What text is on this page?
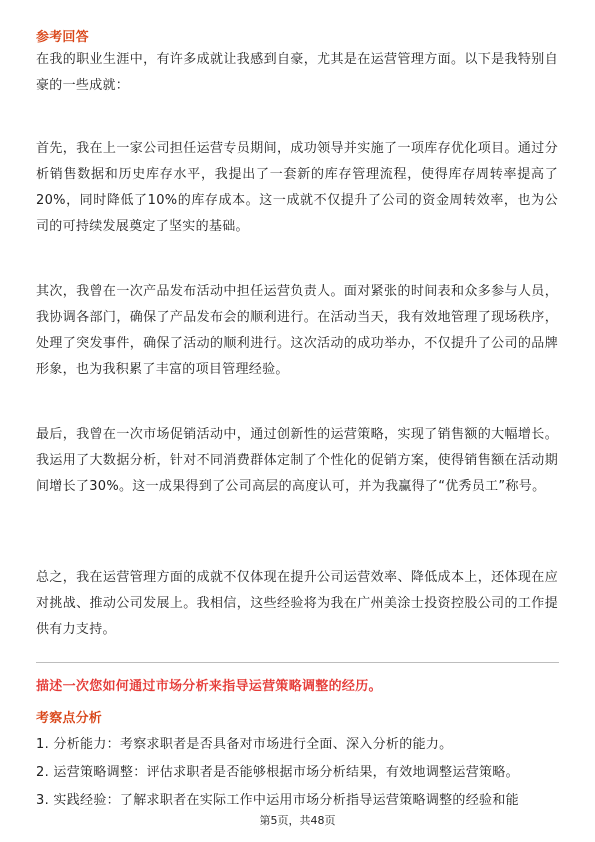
参考回答

在我的职业生涯中，有许多成就让我感到自豪，尤其是在运营管理方面。以下是我特别自豪的一些成就：

首先，我在上一家公司担任运营专员期间，成功领导并实施了一项库存优化项目。通过分析销售数据和历史库存水平，我提出了一套新的库存管理流程，使得库存周转率提高了20%，同时降低了10%的库存成本。这一成就不仅提升了公司的资金周转效率，也为公司的可持续发展奠定了坚实的基础。

其次，我曾在一次产品发布活动中担任运营负责人。面对紧张的时间表和众多参与人员，我协调各部门，确保了产品发布会的顺利进行。在活动当天，我有效地管理了现场秩序，处理了突发事件，确保了活动的顺利进行。这次活动的成功举办，不仅提升了公司的品牌形象，也为我积累了丰富的项目管理经验。

最后，我曾在一次市场促销活动中，通过创新性的运营策略，实现了销售额的大幅增长。我运用了大数据分析，针对不同消费群体定制了个性化的促销方案，使得销售额在活动期间增长了30%。这一成果得到了公司高层的高度认可，并为我赢得了“优秀员工”称号。

总之，我在运营管理方面的成就不仅体现在提升公司运营效率、降低成本上，还体现在应对挑战、推动公司发展上。我相信，这些经验将为我在广州美涂士投资控股公司的工作提供有力支持。

描述一次您如何通过市场分析来指导运营策略调整的经历。
考察点分析
1. 分析能力：考察求职者是否具备对市场进行全面、深入分析的能力。
2. 运营策略调整：评估求职者是否能够根据市场分析结果，有效地调整运营策略。
3. 实践经验：了解求职者在实际工作中运用市场分析指导运营策略调整的经验和能
第5页，共48页
